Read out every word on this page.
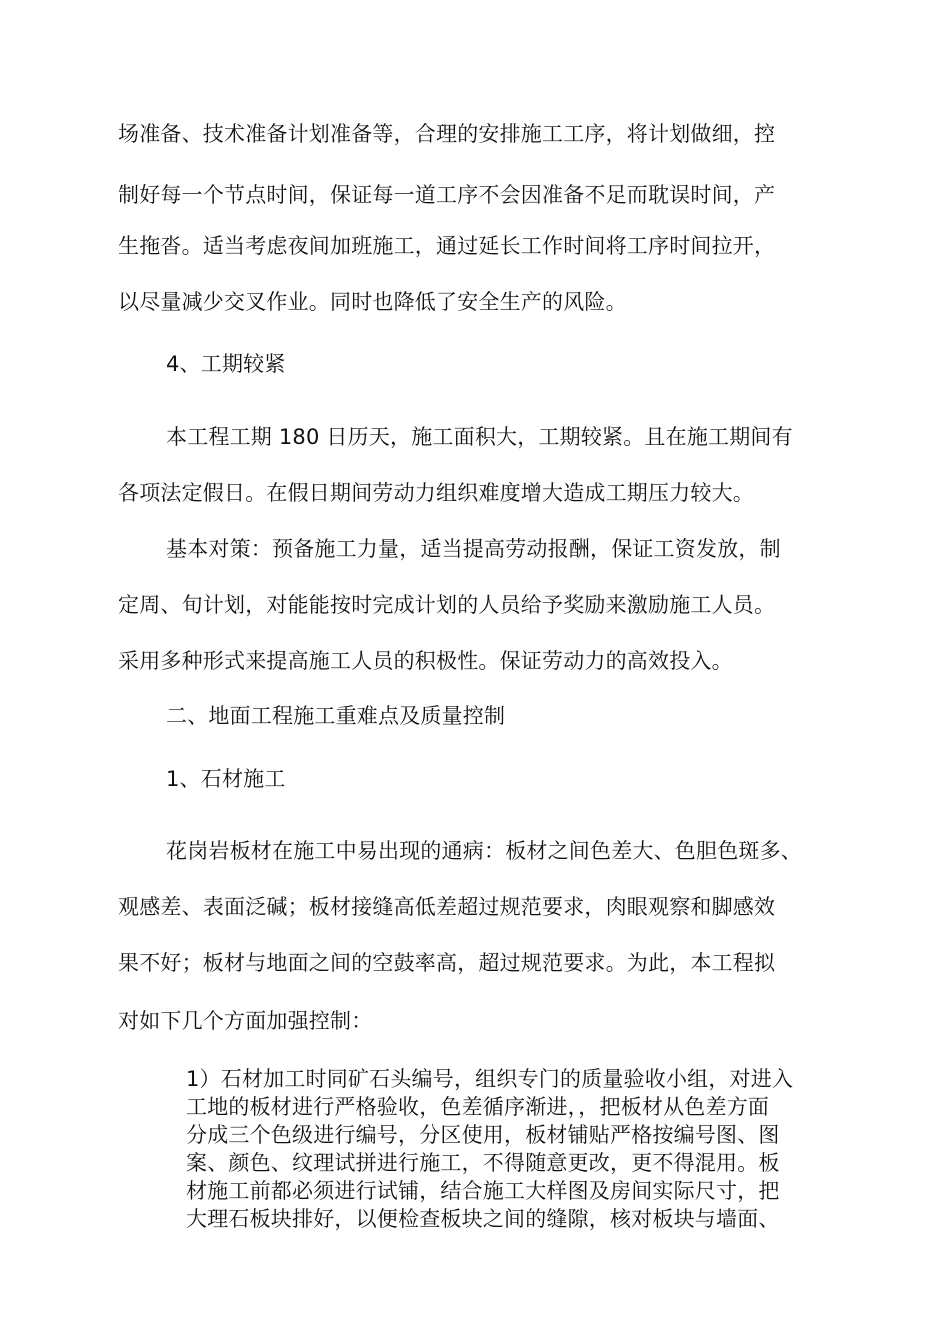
场准备、技术准备计划准备等，合理的安排施工工序，将计划做细，控
制好每一个节点时间，保证每一道工序不会因准备不足而耽误时间，产
生拖沓。适当考虑夜间加班施工，通过延长工作时间将工序时间拉开，
以尽量减少交叉作业。同时也降低了安全生产的风险。
4、工期较紧
本工程工期 180 日历天，施工面积大，工期较紧。且在施工期间有
各项法定假日。在假日期间劳动力组织难度增大造成工期压力较大。
基本对策：预备施工力量，适当提高劳动报酬，保证工资发放，制
定周、旬计划，对能能按时完成计划的人员给予奖励来激励施工人员。
采用多种形式来提高施工人员的积极性。保证劳动力的高效投入。
二、地面工程施工重难点及质量控制
1、石材施工
花岗岩板材在施工中易出现的通病：板材之间色差大、色胆色斑多、
观感差、表面泛碱；板材接缝高低差超过规范要求，肉眼观察和脚感效
果不好；板材与地面之间的空鼓率高，超过规范要求。为此，本工程拟
对如下几个方面加强控制：
1）石材加工时同矿石头编号，组织专门的质量验收小组，对进入
工地的板材进行严格验收，色差循序渐进，，把板材从色差方面
分成三个色级进行编号，分区使用，板材铺贴严格按编号图、图
案、颜色、纹理试拼进行施工，不得随意更改，更不得混用。板
材施工前都必须进行试铺，结合施工大样图及房间实际尺寸，把
大理石板块排好，以便检查板块之间的缝隙，核对板块与墙面、
